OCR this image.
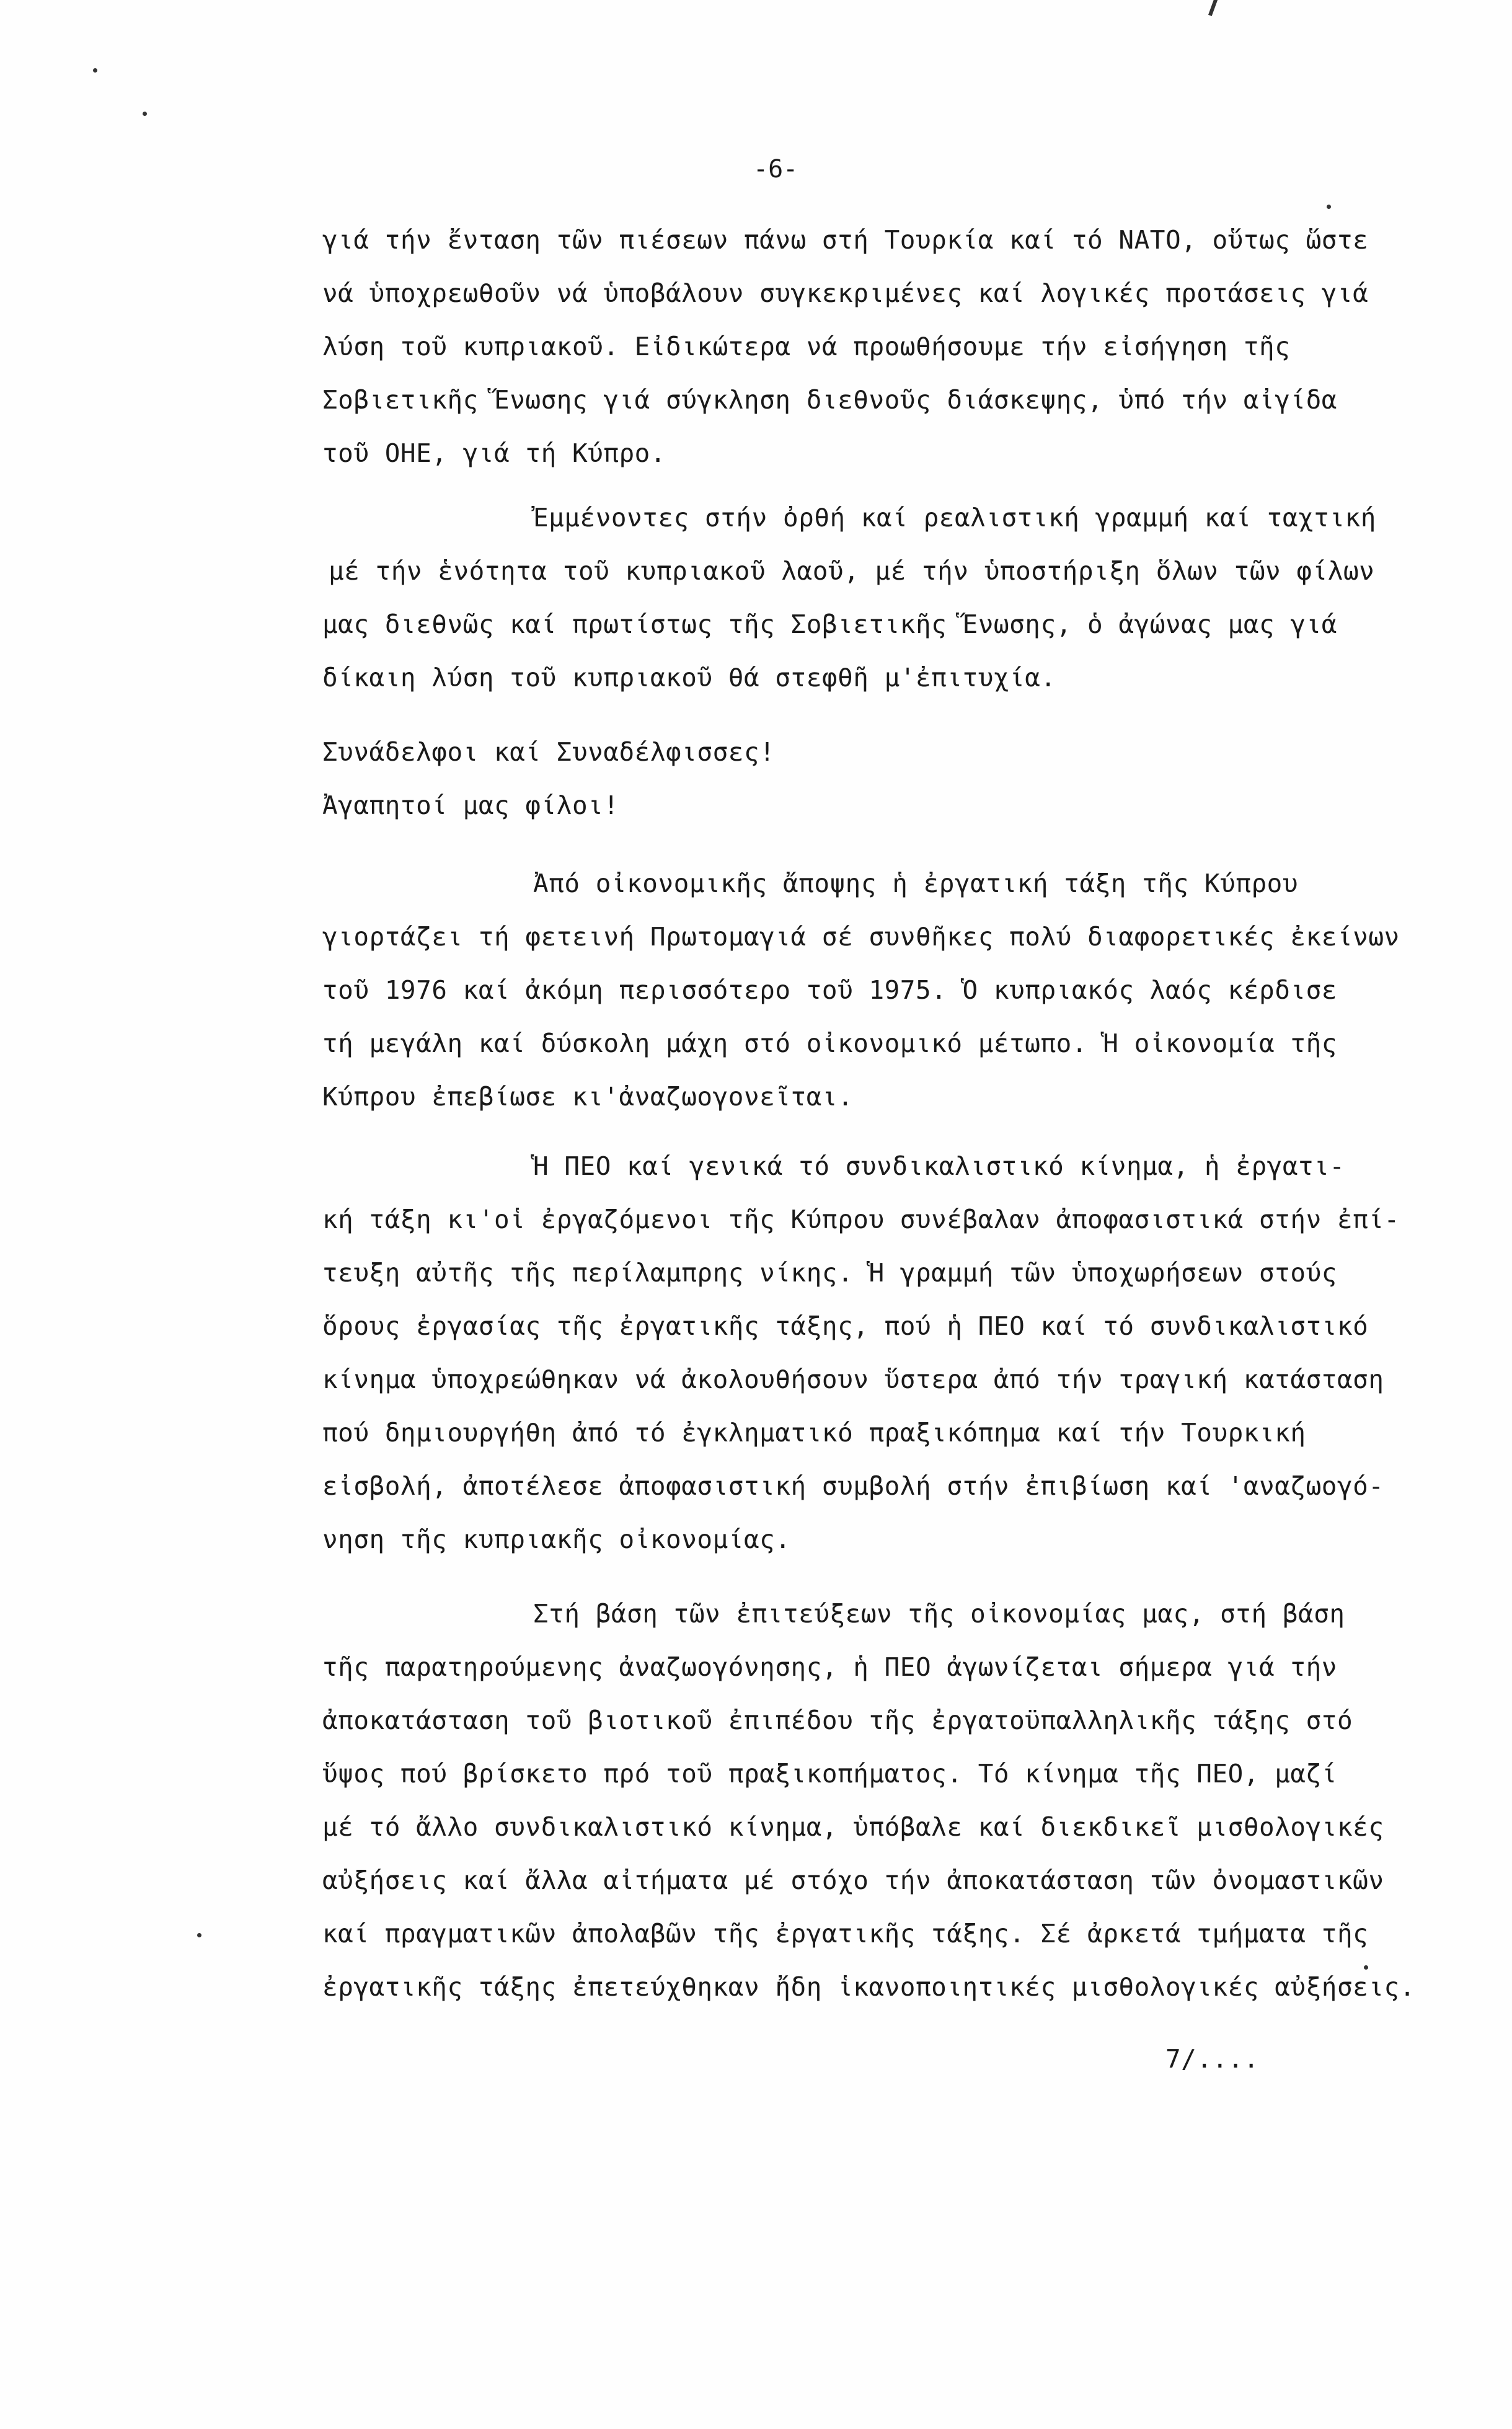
-6-
γιά τήν ἔνταση τῶν πιέσεων πάνω στή Τουρκία καί τό ΝΑΤΟ, οὕτως ὥστε
νά ὑποχρεωθοῦν νά ὑποβάλουν συγκεκριμένες καί λογικές προτάσεις γιά
λύση τοῦ κυπριακοῦ. Εἰδικώτερα νά προωθήσουμε τήν εἰσήγηση τῆς
Σοβιετικῆς Ἕνωσης γιά σύγκληση διεθνοῦς διάσκεψης, ὑπό τήν αἰγίδα
τοῦ ΟΗΕ, γιά τή Κύπρο.
Ἐμμένοντες στήν ὀρθή καί ρεαλιστική γραμμή καί ταχτική
μέ τήν ἑνότητα τοῦ κυπριακοῦ λαοῦ, μέ τήν ὑποστήριξη ὅλων τῶν φίλων
μας διεθνῶς καί πρωτίστως τῆς Σοβιετικῆς Ἕνωσης, ὁ ἀγώνας μας γιά
δίκαιη λύση τοῦ κυπριακοῦ θά στεφθῆ μ'ἐπιτυχία.
Συνάδελφοι καί Συναδέλφισσες!
Ἀγαπητοί μας φίλοι!
Ἀπό οἰκονομικῆς ἄποψης ἡ ἐργατική τάξη τῆς Κύπρου
γιορτάζει τή φετεινή Πρωτομαγιά σέ συνθῆκες πολύ διαφορετικές ἐκείνων
τοῦ 1976 καί ἀκόμη περισσότερο τοῦ 1975. Ὁ κυπριακός λαός κέρδισε
τή μεγάλη καί δύσκολη μάχη στό οἰκονομικό μέτωπο. Ἡ οἰκονομία τῆς
Κύπρου ἐπεβίωσε κι'ἀναζωογονεῖται.
Ἡ ΠΕΟ καί γενικά τό συνδικαλιστικό κίνημα, ἡ ἐργατι-
κή τάξη κι'οἱ ἐργαζόμενοι τῆς Κύπρου συνέβαλαν ἀποφασιστικά στήν ἐπί-
τευξη αὐτῆς τῆς περίλαμπρης νίκης. Ἡ γραμμή τῶν ὑποχωρήσεων στούς
ὅρους ἐργασίας τῆς ἐργατικῆς τάξης, πού ἡ ΠΕΟ καί τό συνδικαλιστικό
κίνημα ὑποχρεώθηκαν νά ἀκολουθήσουν ὕστερα ἀπό τήν τραγική κατάσταση
πού δημιουργήθη ἀπό τό ἐγκληματικό πραξικόπημα καί τήν Τουρκική
εἰσβολή, ἀποτέλεσε ἀποφασιστική συμβολή στήν ἐπιβίωση καί 'αναζωογό-
νηση τῆς κυπριακῆς οἰκονομίας.
Στή βάση τῶν ἐπιτεύξεων τῆς οἰκονομίας μας, στή βάση
τῆς παρατηρούμενης ἀναζωογόνησης, ἡ ΠΕΟ ἀγωνίζεται σήμερα γιά τήν
ἀποκατάσταση τοῦ βιοτικοῦ ἐπιπέδου τῆς ἐργατοϋπαλληλικῆς τάξης στό
ὕψος πού βρίσκετο πρό τοῦ πραξικοπήματος. Τό κίνημα τῆς ΠΕΟ, μαζί
μέ τό ἄλλο συνδικαλιστικό κίνημα, ὑπόβαλε καί διεκδικεῖ μισθολογικές
αὐξήσεις καί ἄλλα αἰτήματα μέ στόχο τήν ἀποκατάσταση τῶν ὀνομαστικῶν
καί πραγματικῶν ἀπολαβῶν τῆς ἐργατικῆς τάξης. Σέ ἀρκετά τμήματα τῆς
ἐργατικῆς τάξης ἐπετεύχθηκαν ἤδη ἱκανοποιητικές μισθολογικές αὐξήσεις.
7/....
